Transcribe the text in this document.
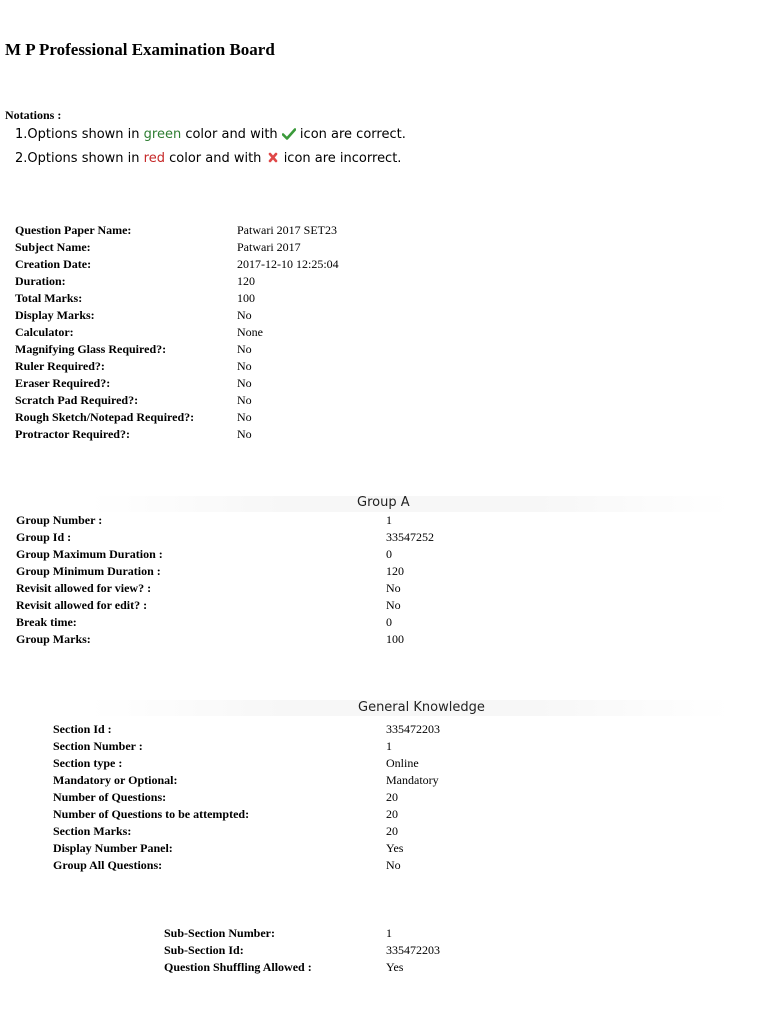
M P Professional Examination Board
Notations :
1.Options shown in green color and with  icon are correct.
2.Options shown in red color and with  icon are incorrect.
Question Paper Name:	Patwari 2017 SET23
Subject Name:	Patwari 2017
Creation Date:	2017-12-10 12:25:04
Duration:	120
Total Marks:	100
Display Marks:	No
Calculator:	None
Magnifying Glass Required?:	No
Ruler Required?:	No
Eraser Required?:	No
Scratch Pad Required?:	No
Rough Sketch/Notepad Required?:	No
Protractor Required?:	No
Group A
Group Number :	1
Group Id :	33547252
Group Maximum Duration :	0
Group Minimum Duration :	120
Revisit allowed for view? :	No
Revisit allowed for edit? :	No
Break time:	0
Group Marks:	100
General Knowledge
Section Id :	335472203
Section Number :	1
Section type :	Online
Mandatory or Optional:	Mandatory
Number of Questions:	20
Number of Questions to be attempted:	20
Section Marks:	20
Display Number Panel:	Yes
Group All Questions:	No
Sub-Section Number:	1
Sub-Section Id:	335472203
Question Shuffling Allowed :	Yes
